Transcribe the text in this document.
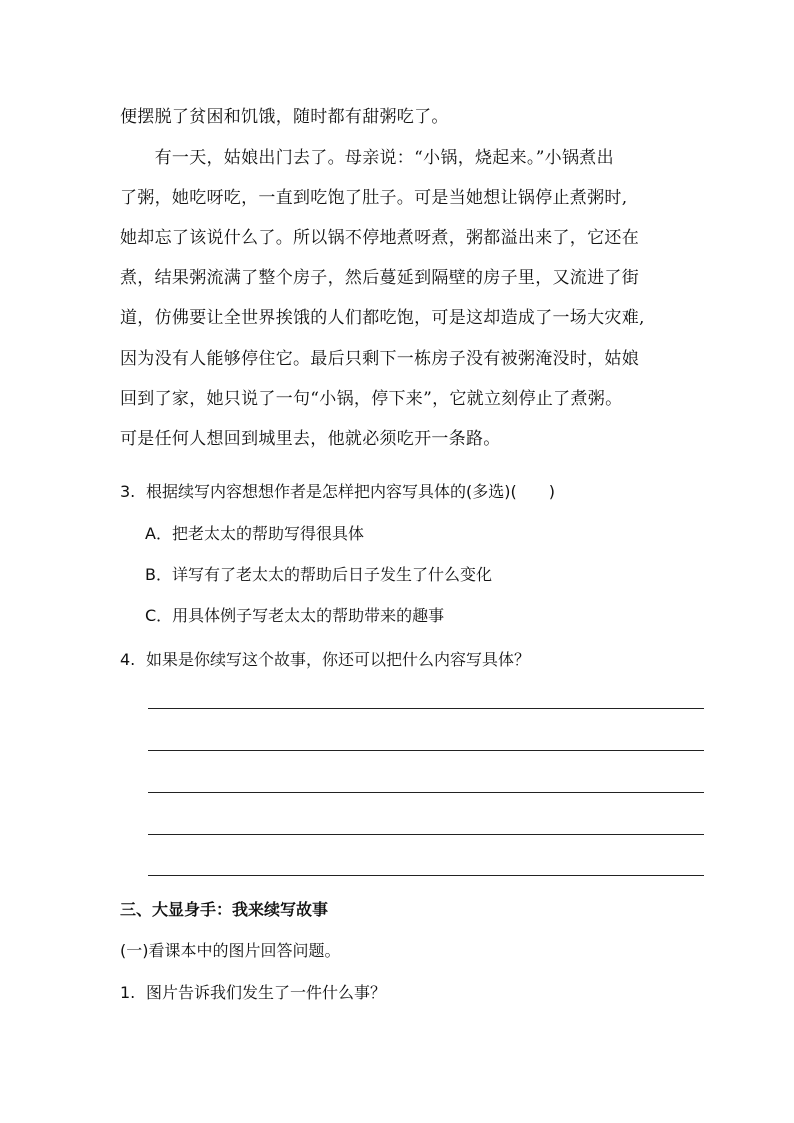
便摆脱了贫困和饥饿，随时都有甜粥吃了。
　　有一天，姑娘出门去了。母亲说：“小锅，烧起来。”小锅煮出
了粥，她吃呀吃，一直到吃饱了肚子。可是当她想让锅停止煮粥时,
她却忘了该说什么了。所以锅不停地煮呀煮，粥都溢出来了，它还在
煮，结果粥流满了整个房子，然后蔓延到隔壁的房子里，又流进了街
道，仿佛要让全世界挨饿的人们都吃饱，可是这却造成了一场大灾难,
因为没有人能够停住它。最后只剩下一栋房子没有被粥淹没时，姑娘
回到了家，她只说了一句“小锅，停下来”，它就立刻停止了煮粥。
可是任何人想回到城里去，他就必须吃开一条路。
3. 根据续写内容想想作者是怎样把内容写具体的(多选)(　　)
A．把老太太的帮助写得很具体
B．详写有了老太太的帮助后日子发生了什么变化
C．用具体例子写老太太的帮助带来的趣事
4. 如果是你续写这个故事，你还可以把什么内容写具体？
三、大显身手：我来续写故事
(一)看课本中的图片回答问题。
1. 图片告诉我们发生了一件什么事？
